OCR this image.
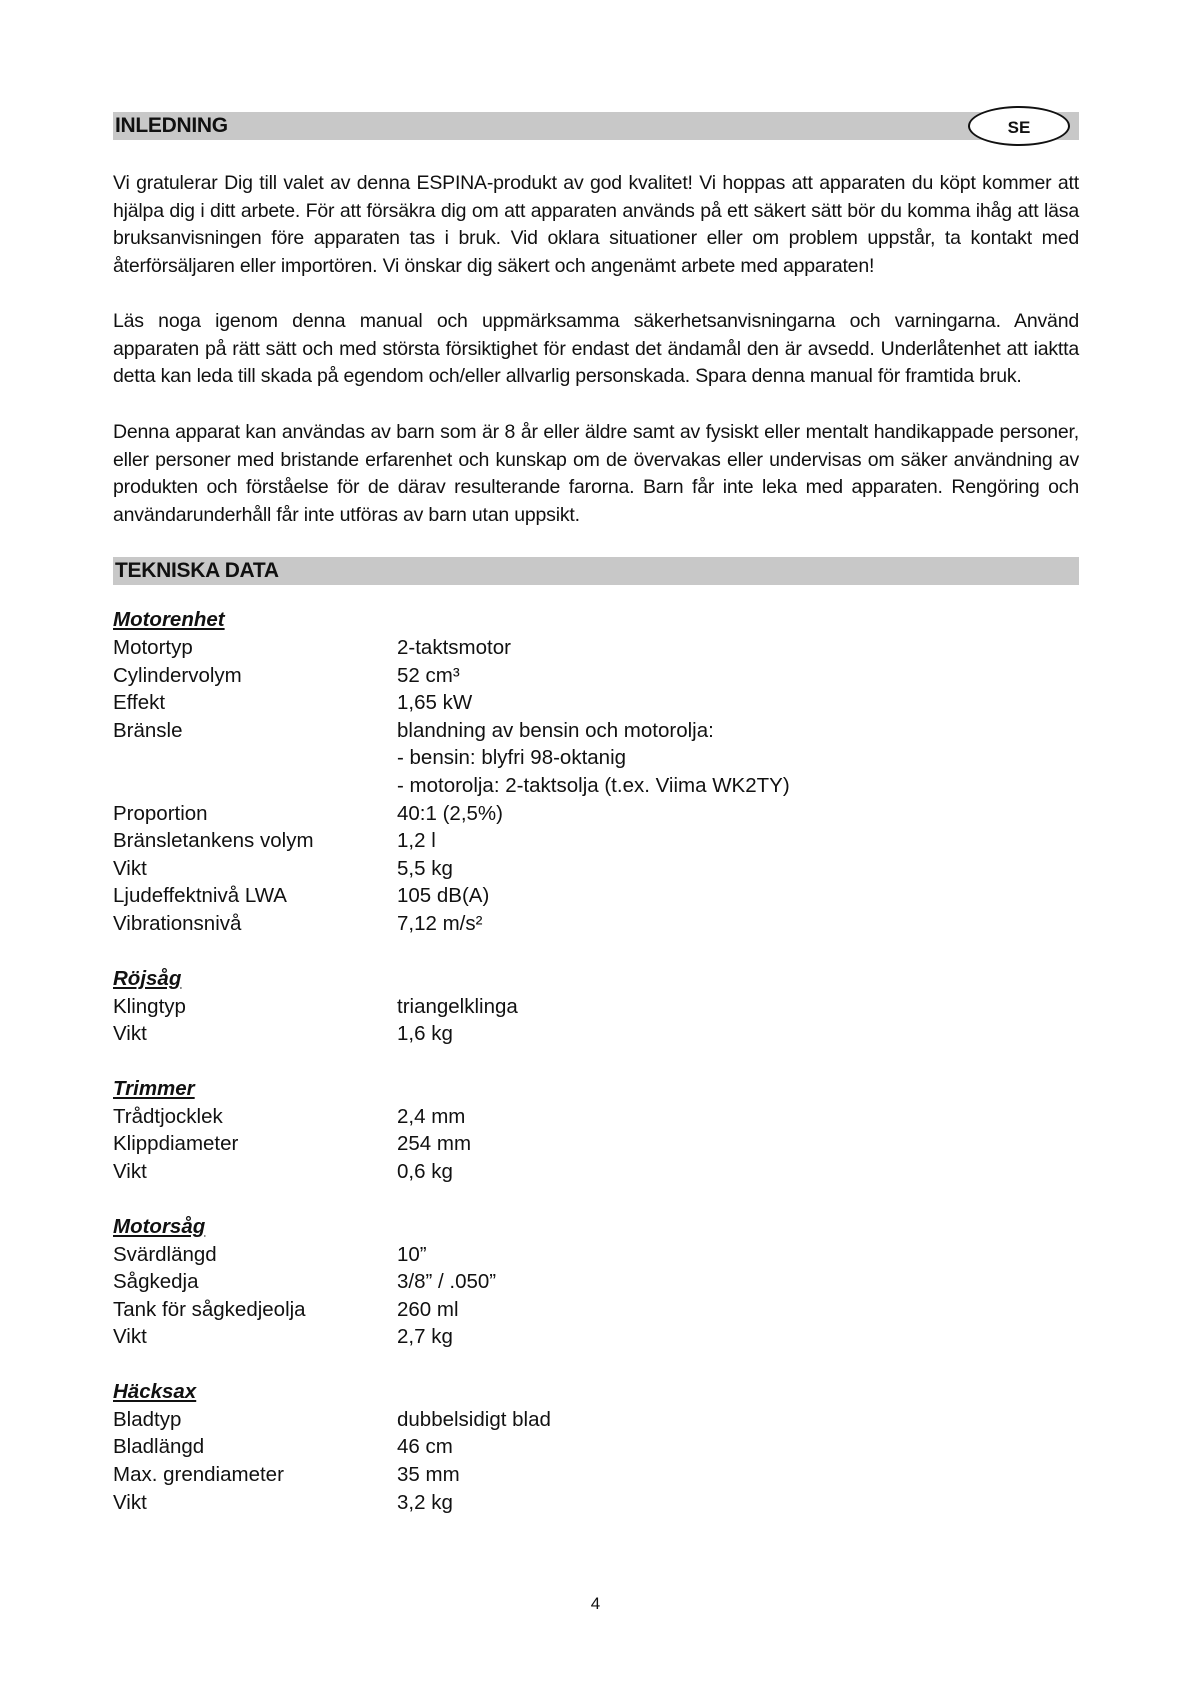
INLEDNING	SE

Vi gratulerar Dig till valet av denna ESPINA-produkt av god kvalitet! Vi hoppas att apparaten du köpt kommer att hjälpa dig i ditt arbete. För att försäkra dig om att apparaten används på ett säkert sätt bör du komma ihåg att läsa bruksanvisningen före apparaten tas i bruk. Vid oklara situationer eller om problem uppstår, ta kontakt med återförsäljaren eller importören. Vi önskar dig säkert och angenämt arbete med apparaten!

Läs noga igenom denna manual och uppmärksamma säkerhetsanvisningarna och varningarna. Använd apparaten på rätt sätt och med största försiktighet för endast det ändamål den är avsedd. Underlåtenhet att iaktta detta kan leda till skada på egendom och/eller allvarlig personskada. Spara denna manual för framtida bruk.

Denna apparat kan användas av barn som är 8 år eller äldre samt av fysiskt eller mentalt handikappade personer, eller personer med bristande erfarenhet och kunskap om de övervakas eller undervisas om säker användning av produkten och förståelse för de därav resulterande farorna. Barn får inte leka med apparaten. Rengöring och användarunderhåll får inte utföras av barn utan uppsikt.

TEKNISKA DATA
Motorenhet
Motortyp	2-taktsmotor
Cylindervolym	52 cm³
Effekt	1,65 kW
Bränsle	blandning av bensin och motorolja:
- bensin: blyfri 98-oktanig
- motorolja: 2-taktsolja (t.ex. Viima WK2TY)
Proportion	40:1 (2,5%)
Bränsletankens volym	1,2 l
Vikt	5,5 kg
Ljudeffektnivå LWA	105 dB(A)
Vibrationsnivå	7,12 m/s²
Röjsåg
Klingtyp	triangelklinga
Vikt	1,6 kg
Trimmer
Trådtjocklek	2,4 mm
Klippdiameter	254 mm
Vikt	0,6 kg
Motorsåg
Svärdlängd	10”
Sågkedja	3/8” / .050”
Tank för sågkedjeolja	260 ml
Vikt	2,7 kg
Häcksax
Bladtyp	dubbelsidigt blad
Bladlängd	46 cm
Max. grendiameter	35 mm
Vikt	3,2 kg
4
